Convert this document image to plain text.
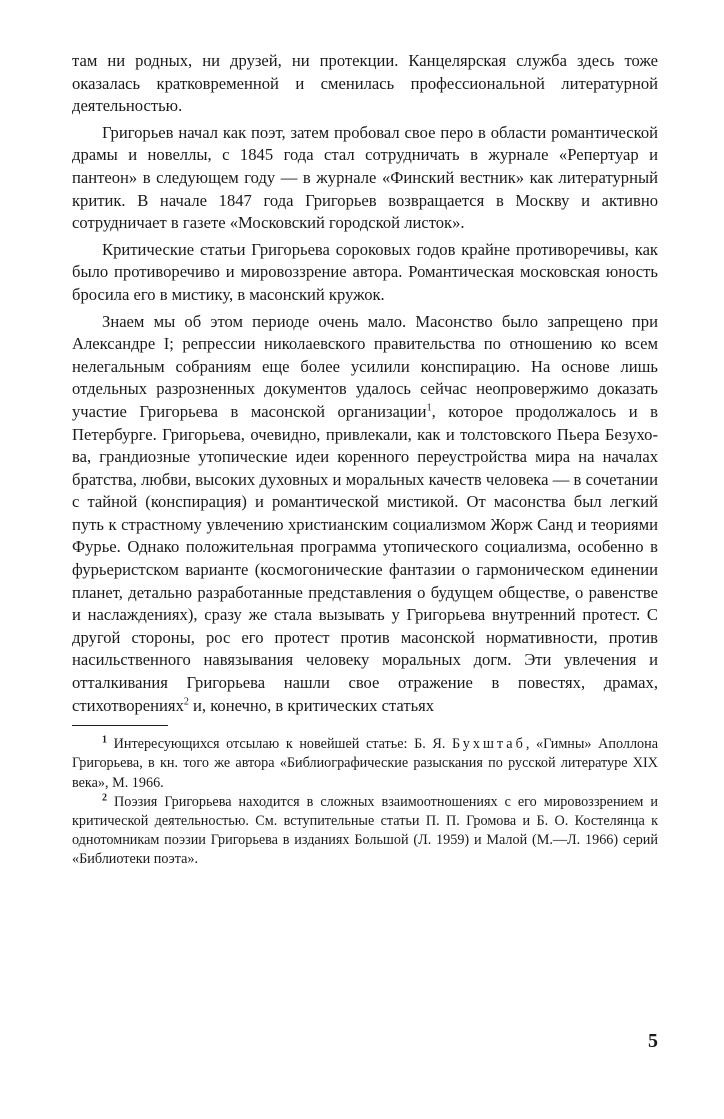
там ни родных, ни друзей, ни протекции. Канцелярская служба здесь тоже оказалась кратковременной и сменилась профессиональной литературной деятельностью.

Григорьев начал как поэт, затем пробовал свое перо в области романтической драмы и новеллы, с 1845 года стал сотрудничать в журнале «Репертуар и пантеон» в следующем году — в журнале «Финский вестник» как литературный критик. В начале 1847 года Григорьев возвращается в Москву и активно сотрудничает в газете «Московский городской листок».

Критические статьи Григорьева сороковых годов крайне противоречивы, как было противоречиво и мировоззрение автора. Романтическая московская юность бросила его в мистику, в масонский кружок.

Знаем мы об этом периоде очень мало. Масонство было запрещено при Александре I; репрессии николаевского правительства по отношению ко всем нелегальным собраниям еще более усилили конспирацию. На основе лишь отдельных разрозненных документов удалось сейчас неопровержимо доказать участие Григорьева в масонской организации$^1$, которое продолжалось и в Петербурге. Григорьева, очевидно, привлекали, как и толстовского Пьера Безухова, грандиозные утопические идеи коренного переустройства мира на началах братства, любви, высоких духовных и моральных качеств человека — в сочетании с тайной (конспирация) и романтической мистикой. От масонства был легкий путь к страстному увлечению христианским социализмом Жорж Санд и теориями Фурье. Однако положительная программа утопического социализма, особенно в фурьеристском варианте (космогонические фантазии о гармоническом единении планет, детально разработанные представления о будущем обществе, о равенстве и наслаждениях), сразу же стала вызывать у Григорьева внутренний протест. С другой стороны, рос его протест против масонской нормативности, против насильственного навязывания человеку моральных догм. Эти увлечения и отталкивания Григорьева нашли свое отражение в повестях, драмах, стихотворениях$^2$ и, конечно, в критических статьях

$^1$ Интересующихся отсылаю к новейшей статье: Б. Я. Бухштаб, «Гимны» Аполлона Григорьева, в кн. того же автора «Библиографические разыскания по русской литературе XIX века», М. 1966.

$^2$ Поэзия Григорьева находится в сложных взаимоотношениях с его мировоззрением и критической деятельностью. См. вступительные статьи П. П. Громова и Б. О. Костелянца к однотомникам поэзии Григорьева в изданиях Большой (Л. 1959) и Малой (М.—Л. 1966) серий «Библиотеки поэта».

5
